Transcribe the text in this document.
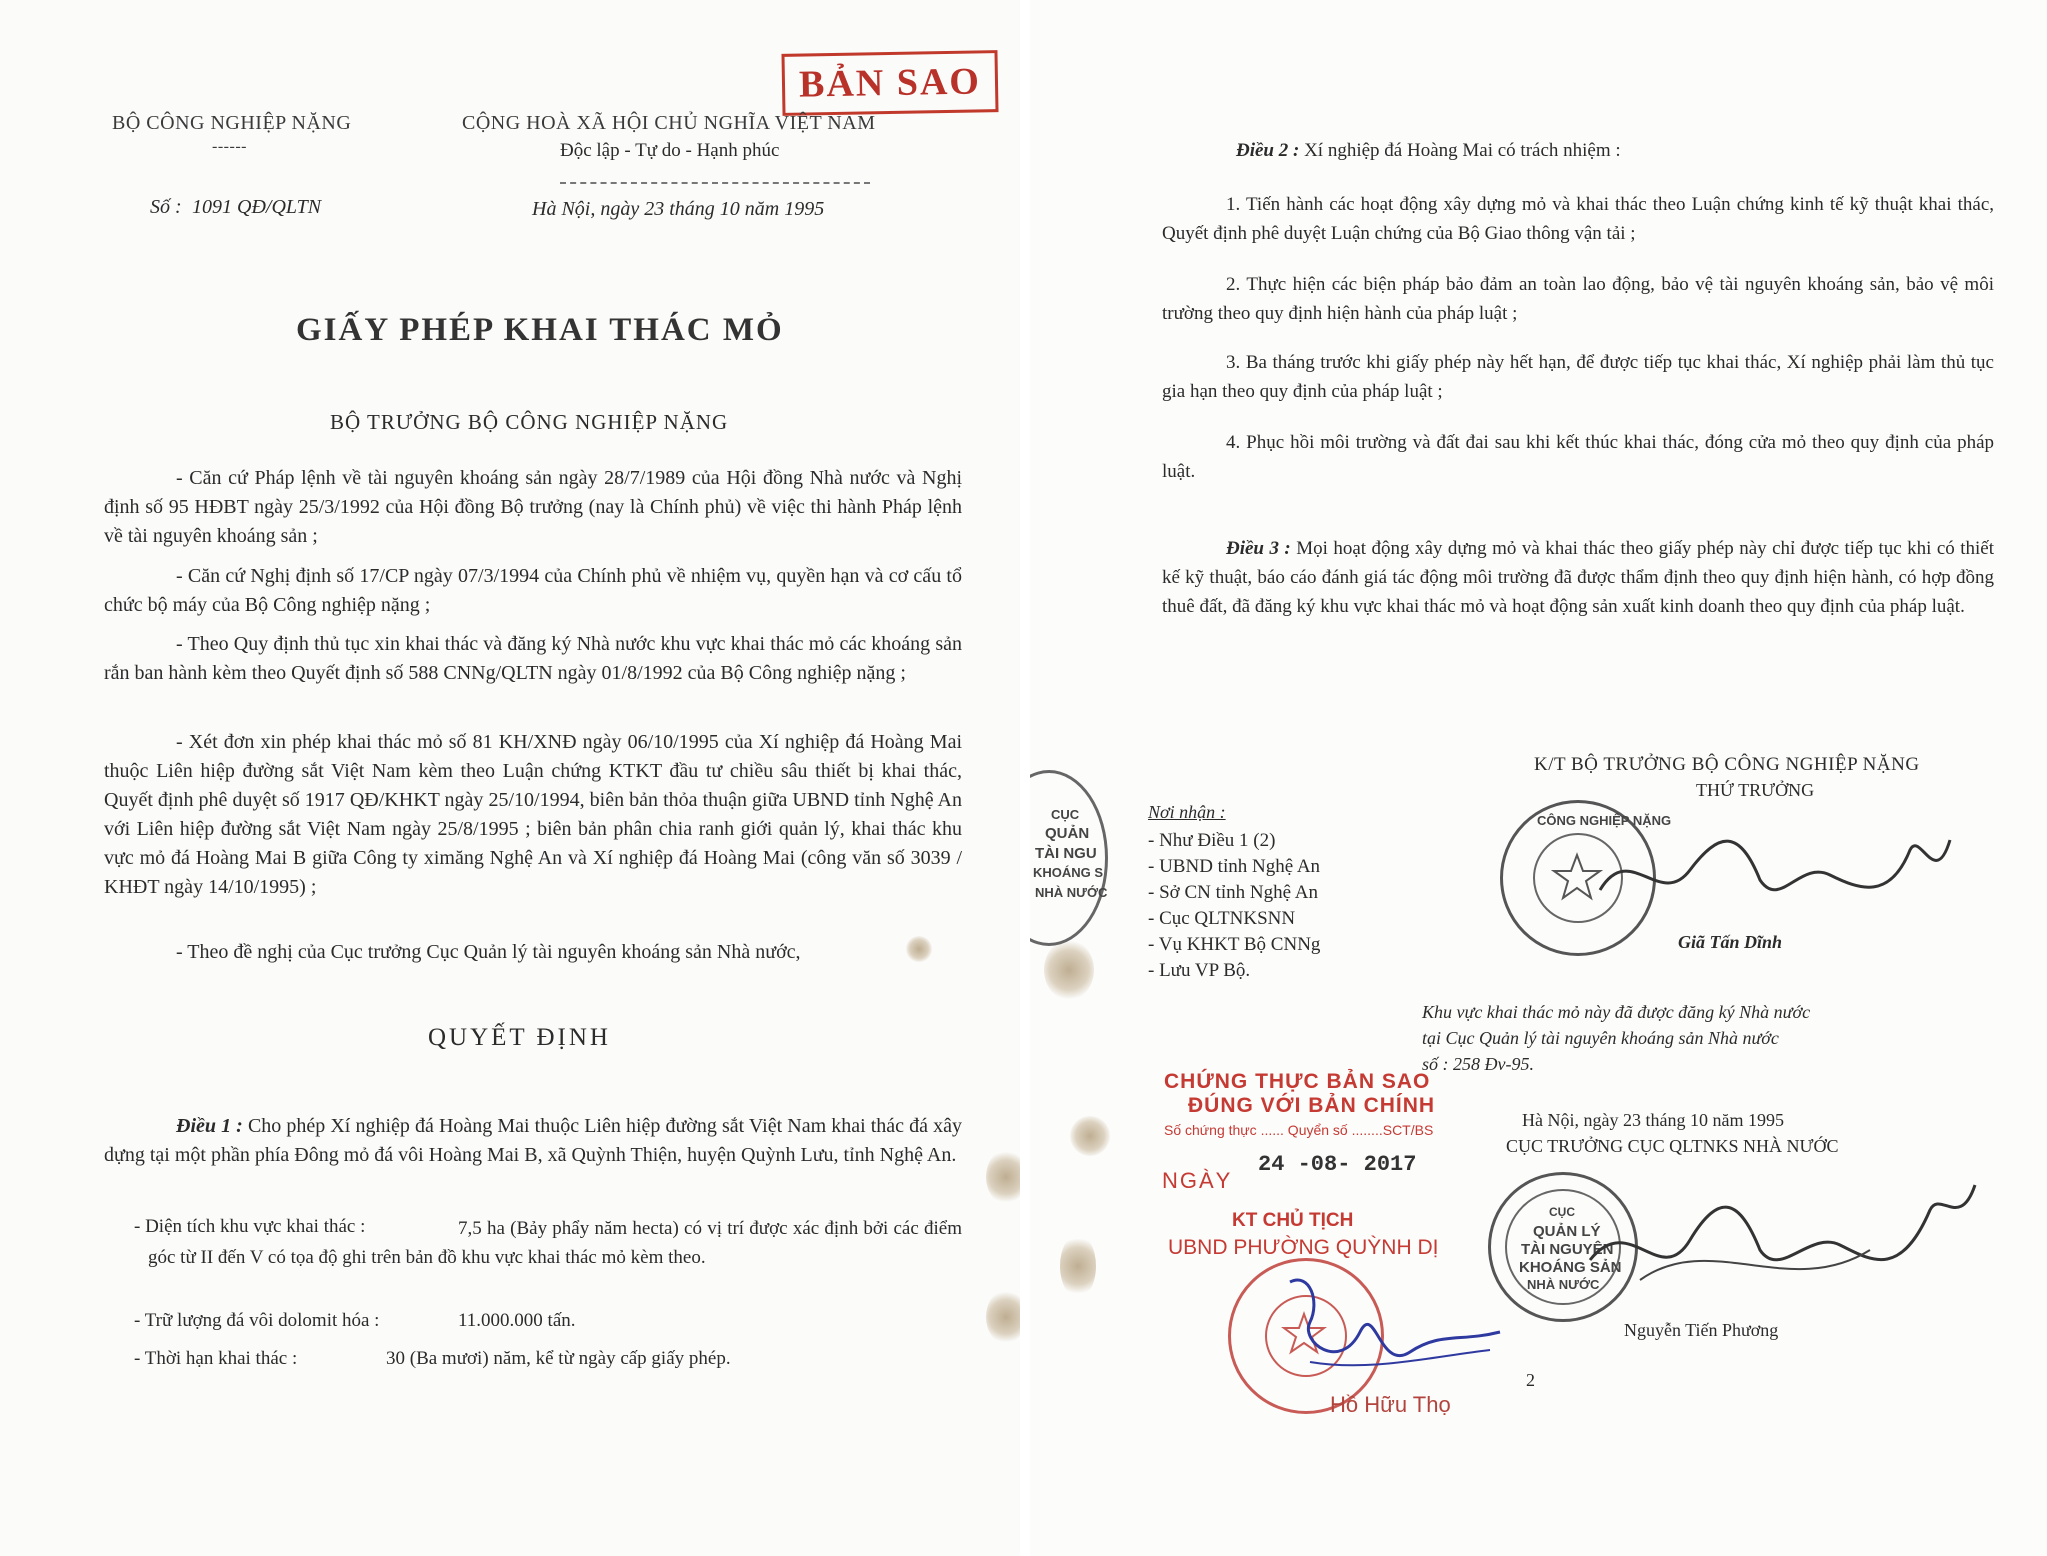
BẢN SAO
BỘ CÔNG NGHIỆP NẶNG
------
CỘNG HOÀ XÃ HỘI CHỦ NGHĨA VIỆT NAM
Độc lập - Tự do - Hạnh phúc
Số : 1091 QĐ/QLTN	Hà Nội, ngày 23 tháng 10 năm 1995
GIẤY PHÉP KHAI THÁC MỎ
BỘ TRƯỞNG BỘ CÔNG NGHIỆP NẶNG
- Căn cứ Pháp lệnh về tài nguyên khoáng sản ngày 28/7/1989 của Hội đồng Nhà nước và Nghị định số 95 HĐBT ngày 25/3/1992 của Hội đồng Bộ trưởng (nay là Chính phủ) về việc thi hành Pháp lệnh về tài nguyên khoáng sản ;
- Căn cứ Nghị định số 17/CP ngày 07/3/1994 của Chính phủ về nhiệm vụ, quyền hạn và cơ cấu tổ chức bộ máy của Bộ Công nghiệp nặng ;
- Theo Quy định thủ tục xin khai thác và đăng ký Nhà nước khu vực khai thác mỏ các khoáng sản rắn ban hành kèm theo Quyết định số 588 CNNg/QLTN ngày 01/8/1992 của Bộ Công nghiệp nặng ;
- Xét đơn xin phép khai thác mỏ số 81 KH/XNĐ ngày 06/10/1995 của Xí nghiệp đá Hoàng Mai thuộc Liên hiệp đường sắt Việt Nam kèm theo Luận chứng KTKT đầu tư chiều sâu thiết bị khai thác, Quyết định phê duyệt số 1917 QĐ/KHKT ngày 25/10/1994, biên bản thỏa thuận giữa UBND tỉnh Nghệ An với Liên hiệp đường sắt Việt Nam ngày 25/8/1995 ; biên bản phân chia ranh giới quản lý, khai thác khu vực mỏ đá Hoàng Mai B giữa Công ty ximăng Nghệ An và Xí nghiệp đá Hoàng Mai (công văn số 3039 / KHĐT ngày 14/10/1995) ;
- Theo đề nghị của Cục trưởng Cục Quản lý tài nguyên khoáng sản Nhà nước,
QUYẾT ĐỊNH
Điều 1 : Cho phép Xí nghiệp đá Hoàng Mai thuộc Liên hiệp đường sắt Việt Nam khai thác đá xây dựng tại một phần phía Đông mỏ đá vôi Hoàng Mai B, xã Quỳnh Thiện, huyện Quỳnh Lưu, tỉnh Nghệ An.
- Diện tích khu vực khai thác :	7,5 ha (Bảy phẩy năm hecta) có vị trí được xác định bởi các điểm góc từ II đến V có tọa độ ghi trên bản đồ khu vực khai thác mỏ kèm theo.
- Trữ lượng đá vôi dolomit hóa :	11.000.000 tấn.
- Thời hạn khai thác :	30 (Ba mươi) năm, kể từ ngày cấp giấy phép.
Điều 2 : Xí nghiệp đá Hoàng Mai có trách nhiệm :
1. Tiến hành các hoạt động xây dựng mỏ và khai thác theo Luận chứng kinh tế kỹ thuật khai thác, Quyết định phê duyệt Luận chứng của Bộ Giao thông vận tải ;
2. Thực hiện các biện pháp bảo đảm an toàn lao động, bảo vệ tài nguyên khoáng sản, bảo vệ môi trường theo quy định hiện hành của pháp luật ;
3. Ba tháng trước khi giấy phép này hết hạn, để được tiếp tục khai thác, Xí nghiệp phải làm thủ tục gia hạn theo quy định của pháp luật ;
4. Phục hồi môi trường và đất đai sau khi kết thúc khai thác, đóng cửa mỏ theo quy định của pháp luật.
Điều 3 : Mọi hoạt động xây dựng mỏ và khai thác theo giấy phép này chỉ được tiếp tục khi có thiết kế kỹ thuật, báo cáo đánh giá tác động môi trường đã được thẩm định theo quy định hiện hành, có hợp đồng thuê đất, đã đăng ký khu vực khai thác mỏ và hoạt động sản xuất kinh doanh theo quy định của pháp luật.
K/T BỘ TRƯỞNG BỘ CÔNG NGHIỆP NẶNG
THỨ TRƯỞNG
CÔNG NGHIỆP NẶNG
Giã Tấn Dĩnh
CỤC
QUẢN
TÀI NGU
KHOÁNG S
NHÀ NƯỚC
Nơi nhận :
- Như Điều 1 (2)
- UBND tỉnh Nghệ An
- Sở CN tỉnh Nghệ An
- Cục QLTNKSNN
- Vụ KHKT Bộ CNNg
- Lưu VP Bộ.
Khu vực khai thác mỏ này đã được đăng ký Nhà nước
tại Cục Quản lý tài nguyên khoáng sản Nhà nước
số : 258 Đv-95.
Hà Nội, ngày 23 tháng 10 năm 1995
CỤC TRƯỞNG CỤC QLTNKS NHÀ NƯỚC
CỤC
QUẢN LÝ
TÀI NGUYÊN
KHOÁNG SẢN
NHÀ NƯỚC
Nguyễn Tiến Phương
CHỨNG THỰC BẢN SAO
ĐÚNG VỚI BẢN CHÍNH
Số chứng thực ...... Quyển số ........SCT/BS
NGÀY
24 -08- 2017
KT CHỦ TỊCH
UBND PHƯỜNG QUỲNH DỊ
Hồ Hữu Thọ
2
